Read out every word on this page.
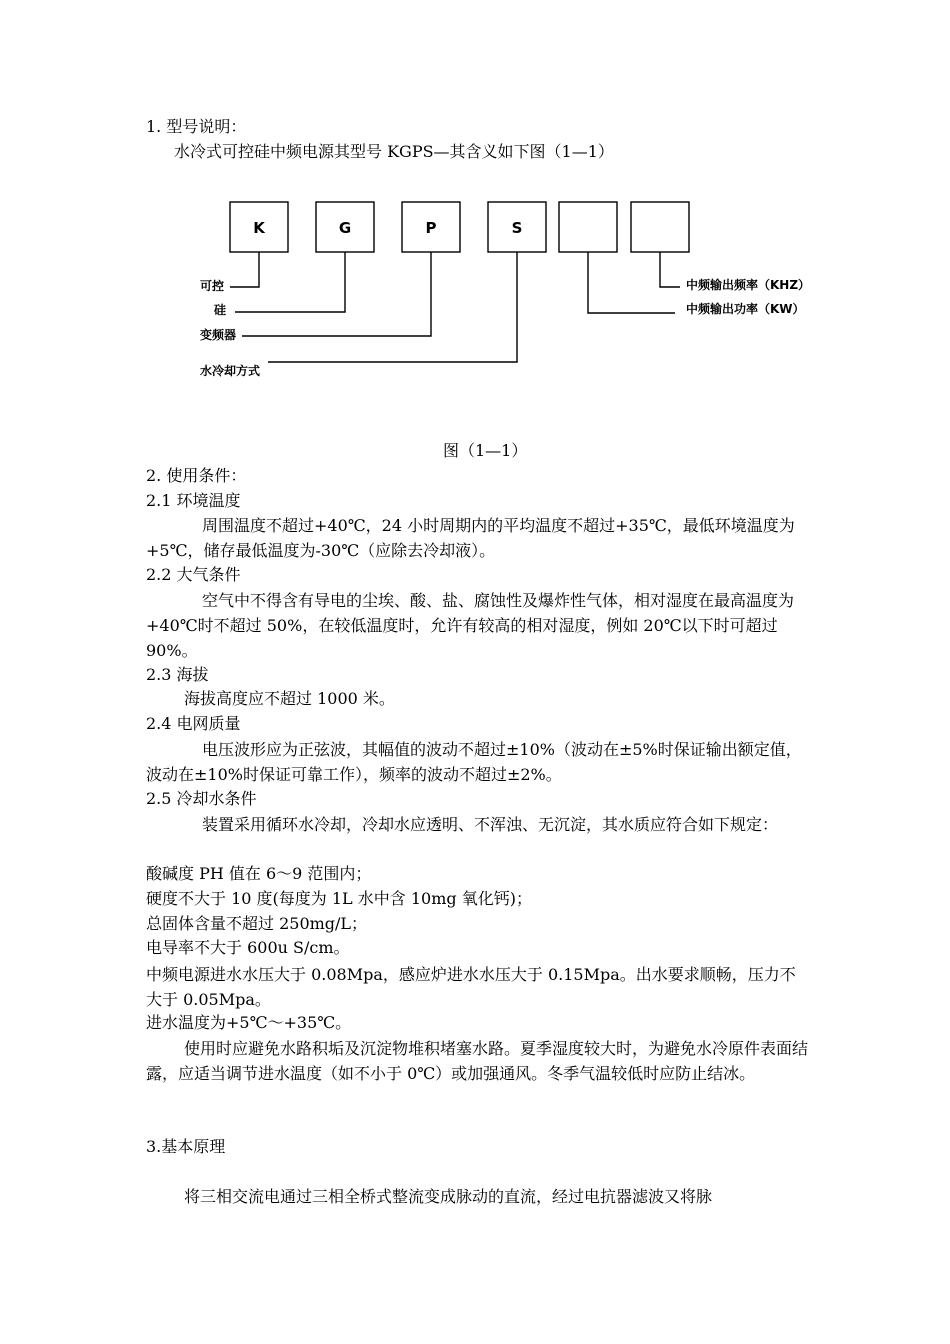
1. 型号说明：
水冷式可控硅中频电源其型号 KGPS—其含义如下图（1—1）
K	G	P	S
可控
硅
变频器
水冷却方式
中频输出频率（KHZ）
中频输出功率（KW）
图（1—1）
2. 使用条件：
2.1 环境温度
周围温度不超过+40℃，24 小时周期内的平均温度不超过+35℃，最低环境温度为+5℃，储存最低温度为-30℃（应除去冷却液）。
2.2 大气条件
空气中不得含有导电的尘埃、酸、盐、腐蚀性及爆炸性气体，相对湿度在最高温度为+40℃时不超过 50%，在较低温度时，允许有较高的相对湿度，例如 20℃以下时可超过 90%。
2.3 海拔
海拔高度应不超过 1000 米。
2.4 电网质量
电压波形应为正弦波，其幅值的波动不超过±10%（波动在±5%时保证输出额定值，波动在±10%时保证可靠工作），频率的波动不超过±2%。
2.5 冷却水条件
装置采用循环水冷却，冷却水应透明、不浑浊、无沉淀，其水质应符合如下规定：
酸碱度 PH 值在 6～9 范围内；
硬度不大于 10 度(每度为 1L 水中含 10mg 氧化钙)；
总固体含量不超过 250mg/L；
电导率不大于 600u S/cm。
中频电源进水水压大于 0.08Mpa，感应炉进水水压大于 0.15Mpa。出水要求顺畅，压力不大于 0.05Mpa。
进水温度为+5℃～+35℃。
使用时应避免水路积垢及沉淀物堆积堵塞水路。夏季湿度较大时，为避免水冷原件表面结露，应适当调节进水温度（如不小于 0℃）或加强通风。冬季气温较低时应防止结冰。
3.基本原理
将三相交流电通过三相全桥式整流变成脉动的直流，经过电抗器滤波又将脉
